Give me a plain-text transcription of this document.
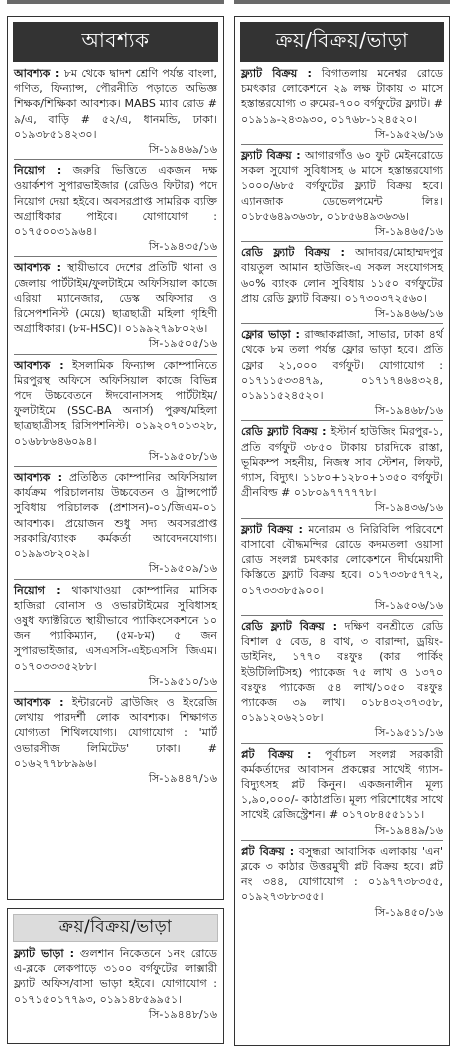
আবশ্যক
আবশ্যক : ৮ম থেকে দ্বাদশ শ্রেণি পর্যন্ত বাংলা, গণিত, ফিন্যান্স, পৌরনীতি পড়াতে অভিজ্ঞ শিক্ষক/শিক্ষিকা আবশ্যক। MABS ম্যাব রোড # ৯/এ, বাড়ি # ৫২/এ, ধানমন্ডি, ঢাকা। ০১৯৩৮৫১৪২৩০।
সি-১৯৪৬৯/১৬
নিয়োগ : জরুরি ভিত্তিতে একজন দক্ষ ওয়ার্কশপ সুপারভাইজার (রেডিও ফিটার) পদে নিয়োগ দেয়া হইবে। অবসরপ্রাপ্ত সামরিক ব্যক্তি অগ্রাধিকার পাইবে। যোগাযোগ : ০১৭৫০০৩১৯৬৪।
সি-১৯৪৩৫/১৬
আবশ্যক : স্থায়ীভাবে দেশের প্রতিটি থানা ও জেলায় পার্টটাইম/ফুলটাইমে অফিসিয়াল কাজে এরিয়া ম্যানেজার, ডেস্ক অফিসার ও রিসেপশনিস্ট (মেয়ে) ছাত্রছাত্রী মহিলা গৃহিণী অগ্রাধিকার। (৮ম-HSC)। ০১৯৯২৭৯৮০২৬।
সি-১৯৫০৫/১৬
আবশ্যক : ইসলামিক ফিন্যান্স কোম্পানিতে মিরপুরস্থ অফিসে অফিসিয়াল কাজে বিভিন্ন পদে উচ্চবেতনে ঈদবোনাসসহ পার্টটাইম/ফুলটাইমে (SSC-BA অনার্স) পুরুষ/মহিলা ছাত্রছাত্রীসহ রিসিপশনিস্ট। ০১৯২০৭০১৩২৮, ০১৬৮৮৬৪৬০৯৪।
সি-১৯৫০৮/১৬
আবশ্যক : প্রতিষ্ঠিত কোম্পানির অফিসিয়াল কার্যক্রম পরিচালনায় উচ্চবেতন ও ট্রান্সপোর্ট সুবিধায় পরিচালক (প্রশাসন)-০১/জিএম-০১ আবশ্যক। প্রয়োজন শুধু সদ্য অবসরপ্রাপ্ত সরকারি/ব্যাংক কর্মকর্তা আবেদনযোগ্য। ০১৯৯৩৮২০২৯।
সি-১৯৫০৯/১৬
নিয়োগ : থাকাখাওয়া কোম্পানির মাসিক হাজিরা বোনাস ও ওভারটাইমের সুবিধাসহ ওষুধ ফ্যাক্টরিতে স্থায়ীভাবে প্যাকিংসেকশনে ১০ জন প্যাকিম্যান, (৫ম-৮ম) ৫ জন সুপারভাইজার, এসএসসি-এইচএসসি জিএম। ০১৭০৩৩৩৫২৮৮।
সি-১৯৫১০/১৬
আবশ্যক : ইন্টারনেট ব্রাউজিং ও ইংরেজি লেখায় পারদর্শী লোক আবশ্যক। শিক্ষাগত যোগ্যতা শিথিলযোগ্য। যোগাযোগ : 'মার্ট ওভারসীজ লিমিটেড' ঢাকা। # ০১৬২৭৭৮৮৯৯৬।
সি-১৯৪৪৭/১৬
ক্রয়/বিক্রয়/ভাড়া
ফ্ল্যাট ভাড়া : গুলশান নিকেতনে ১নং রোডে এ-ব্লকে লেকপাড়ে ৩১০০ বর্গফুটের লাক্সারী ফ্ল্যাট অফিস/বাসা ভাড়া হইবে। যোগাযোগ : ০১৭১৫০১৭৭৯৩, ০১৯১৪৮৫৯৯৫১।
সি-১৯৪৪৮/১৬
ক্রয়/বিক্রয়/ভাড়া
ফ্ল্যাট বিক্রয় : বিগাতলায় মনেশ্বর রোডে চমৎকার লোকেশনে ২৯ লক্ষ টাকায় ৩ মাসে হস্তান্তরযোগ্য ৩ রুমের-৭০০ বর্গফুটের ফ্ল্যাট। # ০১৯১৯-২৪৩৯৩০, ০১৭৬৮-১২৪৫২০।
সি-১৯৫২৬/১৬
ফ্ল্যাট বিক্রয় : আগারগাঁও ৬০ ফুট মেইনরোডে সকল সুযোগ সুবিধাসহ ৬ মাসে হস্তান্তরযোগ্য ১০০০/৬৮৫ বর্গফুটের ফ্ল্যাট বিক্রয় হবে। এ্যানজাক ডেভেলপমেন্ট লিঃ। ০১৮৫৬৪৯৩৬৩৮, ০১৮৫৬৪৯৩৬৩৬।
সি-১৯৪৬৫/১৬
রেডি ফ্ল্যাট বিক্রয় : আদাবর/মোহাম্মদপুর বায়তুল আমান হাউজিং-এ সকল সংযোগসহ ৬০% ব্যাংক লোন সুবিধায় ১১৫০ বর্গফুটের প্রায় রেডি ফ্ল্যাট বিক্রয়। ০১৭৩০৩৭২৫৬০।
সি-১৯৪৬৬/১৬
ফ্লোর ভাড়া : রাজ্জাকপ্লাজা, সাভার, ঢাকা ৪র্থ থেকে ৮ম তলা পর্যন্ত ফ্লোর ভাড়া হবে। প্রতি ফ্লোর ২১,০০০ বর্গফুট। যোগাযোগ : ০১৭১১৫৩৩৪৭৯, ০১৭১৭৪৬৪৩২৪, ০১৯১১৫২৪৫২০।
সি-১৯৪৬৮/১৬
রেডি ফ্ল্যাট বিক্রয় : ইস্টার্ন হাউজিং মিরপুর-১, প্রতি বর্গফুট ৩৮৫০ টাকায় চারদিকে রাস্তা, ভূমিকম্প সহনীয়, নিজস্ব সাব স্টেশন, লিফট, গ্যাস, বিদ্যুৎ। ১১৮০+১২৮০+১৩৫০ বর্গফুট। গ্রীনবিল্ড # ০১৮০৯৭৭৭৭৭৮।
সি-১৯৪৩৬/১৬
ফ্ল্যাট বিক্রয় : মনোরম ও নিরিবিলি পরিবেশে বাসাবো বৌদ্ধমন্দির রোডে কদমতলা ওয়াসা রোড সংলগ্ন চমৎকার লোকেশনে দীর্ঘমেয়াদী কিস্তিতে ফ্ল্যাট বিক্রয় হবে। ০১৭৩৩৮৫৭৭২, ০১৭৩৩৩৮৫৯০০।
সি-১৯৫০৬/১৬
রেডি ফ্ল্যাট বিক্রয় : দক্ষিণ বনশ্রীতে রেডি বিশাল ৫ বেড, ৪ বাথ, ৩ বারান্দা, ড্রয়িং-ডাইনিং, ১৭৭০ বঃফুঃ (কার পার্কিং ইউটিলিটিসহ) প্যাকেজ ৭৫ লাখ ও ১৩৭০ বঃফুঃ প্যাকেজ ৫৪ লাখ/১০৫০ বঃফুঃ প্যাকেজ ৩৯ লাখ। ০১৮৪৩২৩৭৩৫৮, ০১৯১২০৬২১০৮।
সি-১৯৫১১/১৬
প্লট বিক্রয় : পূর্বাচল সংলগ্ন সরকারী কর্মকর্তাদের আবাসন প্রকল্পের সাথেই গ্যাস-বিদ্যুৎসহ প্লট কিনুন। একজনালীন মূল্য ১,৯০,০০০/- কাঠাপ্রতি। মূল্য পরিশোধের সাথে সাথেই রেজিস্ট্রেশন। # ০১৭০৮৪৫৫১১১।
সি-১৯৪৪৯/১৬
প্লট বিক্রয় : বসুন্ধরা আবাসিক এলাকায় 'এন' ব্লকে ৩ কাঠার উত্তরমুখী প্লট বিক্রয় হবে। প্লট নং ৩৪৪, যোগাযোগ : ০১৯৭৭৩৮৩৫৫, ০১৯২৭৩৮৮৩৫৫।
সি-১৯৪৫০/১৬
